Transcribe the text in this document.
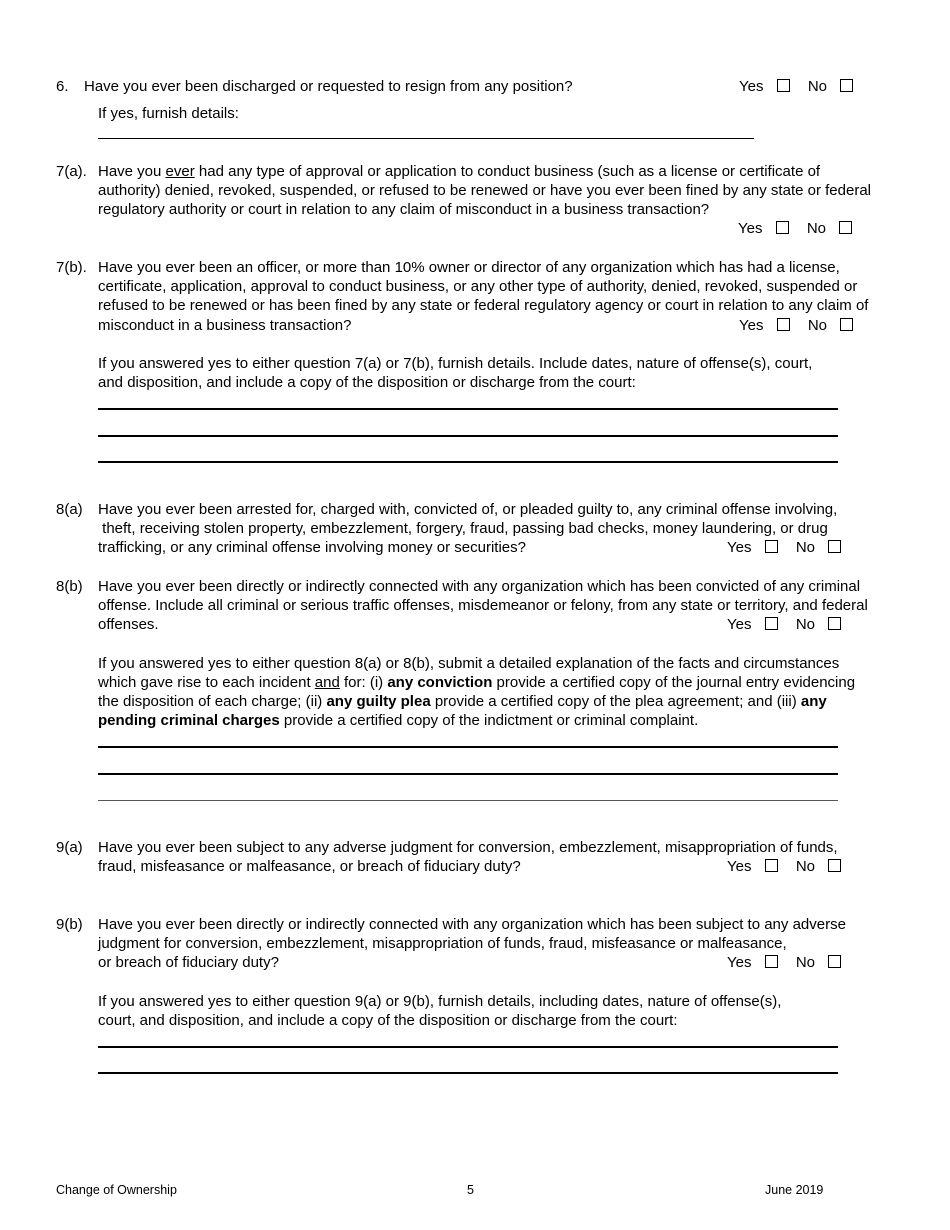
6. Have you ever been discharged or requested to resign from any position?	Yes	No
If yes, furnish details:
7(a). Have you ever had any type of approval or application to conduct business (such as a license or certificate of
authority) denied, revoked, suspended, or refused to be renewed or have you ever been fined by any state or federal
regulatory authority or court in relation to any claim of misconduct in a business transaction?
Yes	No
7(b). Have you ever been an officer, or more than 10% owner or director of any organization which has had a license,
certificate, application, approval to conduct business, or any other type of authority, denied, revoked, suspended or
refused to be renewed or has been fined by any state or federal regulatory agency or court in relation to any claim of
misconduct in a business transaction?	Yes	No
If you answered yes to either question 7(a) or 7(b), furnish details. Include dates, nature of offense(s), court,
and disposition, and include a copy of the disposition or discharge from the court:
8(a) Have you ever been arrested for, charged with, convicted of, or pleaded guilty to, any criminal offense involving,
theft, receiving stolen property, embezzlement, forgery, fraud, passing bad checks, money laundering, or drug
trafficking, or any criminal offense involving money or securities?	Yes	No
8(b) Have you ever been directly or indirectly connected with any organization which has been convicted of any criminal
offense. Include all criminal or serious traffic offenses, misdemeanor or felony, from any state or territory, and federal
offenses.	Yes	No
If you answered yes to either question 8(a) or 8(b), submit a detailed explanation of the facts and circumstances
which gave rise to each incident and for: (i) any conviction provide a certified copy of the journal entry evidencing
the disposition of each charge; (ii) any guilty plea provide a certified copy of the plea agreement; and (iii) any
pending criminal charges provide a certified copy of the indictment or criminal complaint.
9(a) Have you ever been subject to any adverse judgment for conversion, embezzlement, misappropriation of funds,
fraud, misfeasance or malfeasance, or breach of fiduciary duty?	Yes	No
9(b) Have you ever been directly or indirectly connected with any organization which has been subject to any adverse
judgment for conversion, embezzlement, misappropriation of funds, fraud, misfeasance or malfeasance,
or breach of fiduciary duty?	Yes	No
If you answered yes to either question 9(a) or 9(b), furnish details, including dates, nature of offense(s),
court, and disposition, and include a copy of the disposition or discharge from the court:
Change of Ownership	5	June 2019
